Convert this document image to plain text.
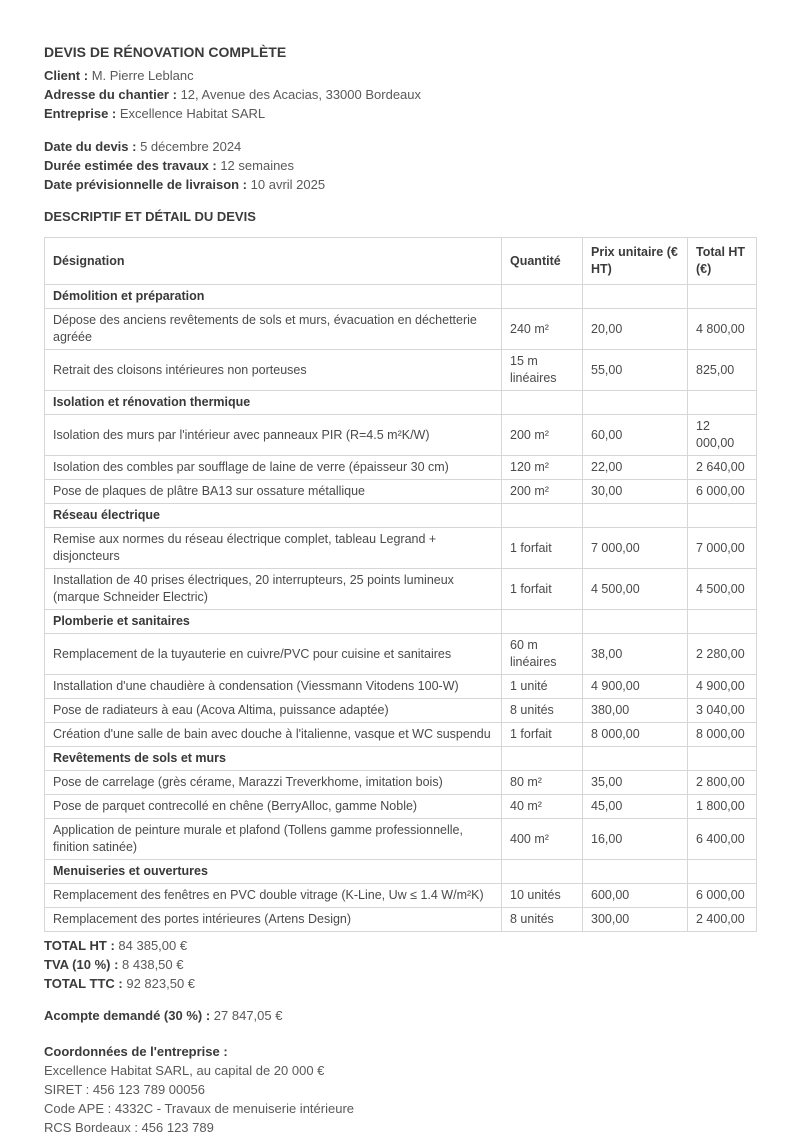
DEVIS DE RÉNOVATION COMPLÈTE
Client : M. Pierre Leblanc
Adresse du chantier : 12, Avenue des Acacias, 33000 Bordeaux
Entreprise : Excellence Habitat SARL
Date du devis : 5 décembre 2024
Durée estimée des travaux : 12 semaines
Date prévisionnelle de livraison : 10 avril 2025
DESCRIPTIF ET DÉTAIL DU DEVIS
Désignation	Quantité	Prix unitaire (€ HT)	Total HT (€)
Démolition et préparation			
Dépose des anciens revêtements de sols et murs, évacuation en déchetterie agréée	240 m²	20,00	4 800,00
Retrait des cloisons intérieures non porteuses	15 m linéaires	55,00	825,00
Isolation et rénovation thermique			
Isolation des murs par l'intérieur avec panneaux PIR (R=4.5 m²K/W)	200 m²	60,00	12 000,00
Isolation des combles par soufflage de laine de verre (épaisseur 30 cm)	120 m²	22,00	2 640,00
Pose de plaques de plâtre BA13 sur ossature métallique	200 m²	30,00	6 000,00
Réseau électrique			
Remise aux normes du réseau électrique complet, tableau Legrand + disjoncteurs	1 forfait	7 000,00	7 000,00
Installation de 40 prises électriques, 20 interrupteurs, 25 points lumineux (marque Schneider Electric)	1 forfait	4 500,00	4 500,00
Plomberie et sanitaires			
Remplacement de la tuyauterie en cuivre/PVC pour cuisine et sanitaires	60 m linéaires	38,00	2 280,00
Installation d'une chaudière à condensation (Viessmann Vitodens 100-W)	1 unité	4 900,00	4 900,00
Pose de radiateurs à eau (Acova Altima, puissance adaptée)	8 unités	380,00	3 040,00
Création d'une salle de bain avec douche à l'italienne, vasque et WC suspendu	1 forfait	8 000,00	8 000,00
Revêtements de sols et murs			
Pose de carrelage (grès cérame, Marazzi Treverkhome, imitation bois)	80 m²	35,00	2 800,00
Pose de parquet contrecollé en chêne (BerryAlloc, gamme Noble)	40 m²	45,00	1 800,00
Application de peinture murale et plafond (Tollens gamme professionnelle, finition satinée)	400 m²	16,00	6 400,00
Menuiseries et ouvertures			
Remplacement des fenêtres en PVC double vitrage (K-Line, Uw ≤ 1.4 W/m²K)	10 unités	600,00	6 000,00
Remplacement des portes intérieures (Artens Design)	8 unités	300,00	2 400,00
TOTAL HT : 84 385,00 €
TVA (10 %) : 8 438,50 €
TOTAL TTC : 92 823,50 €
Acompte demandé (30 %) : 27 847,05 €
Coordonnées de l'entreprise :
Excellence Habitat SARL, au capital de 20 000 €
SIRET : 456 123 789 00056
Code APE : 4332C - Travaux de menuiserie intérieure
RCS Bordeaux : 456 123 789
